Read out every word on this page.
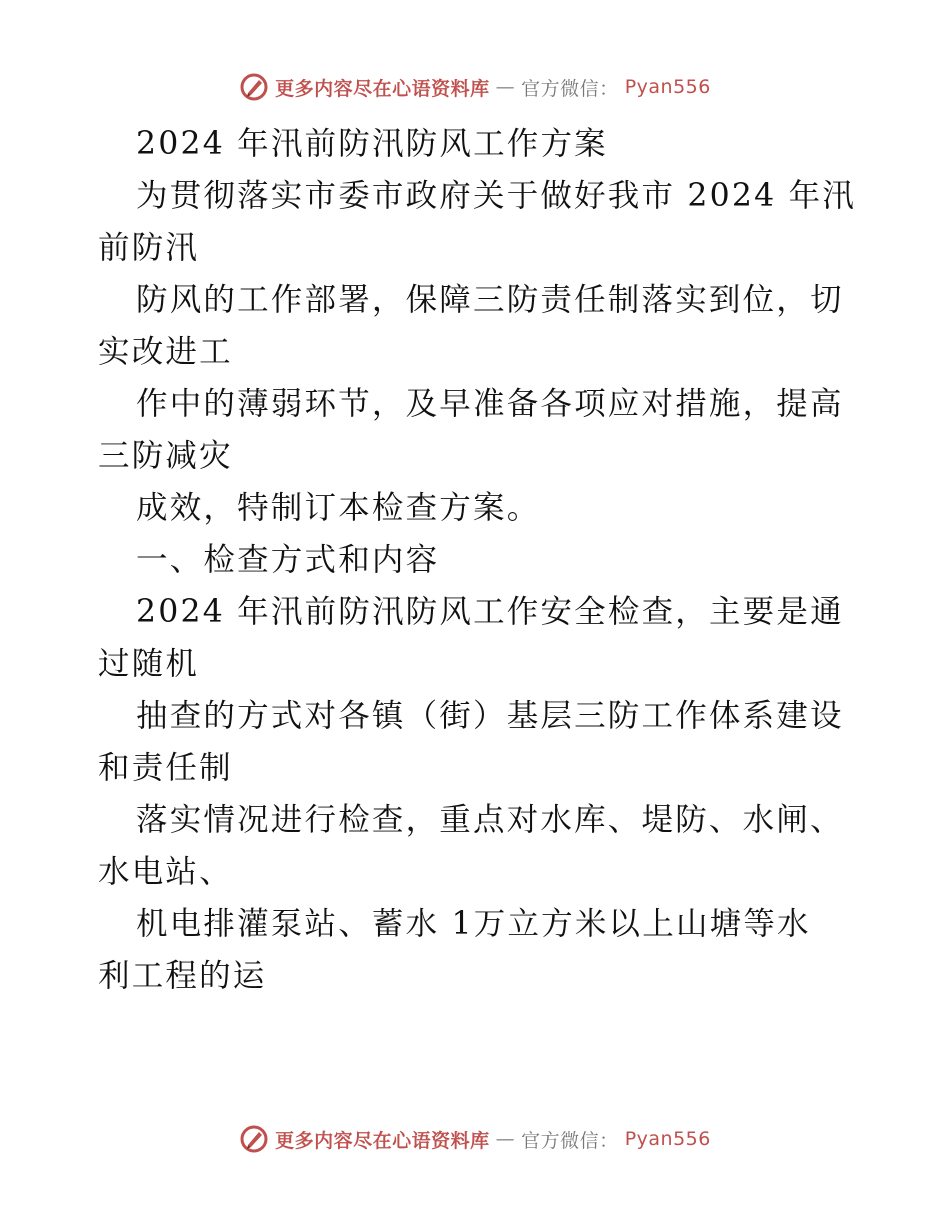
更多内容尽在心语资料库 — 官方微信： Pyan556
2024 年汛前防汛防风工作方案
为贯彻落实市委市政府关于做好我市 2024 年汛
前防汛
防风的工作部署，保障三防责任制落实到位，切
实改进工
作中的薄弱环节，及早准备各项应对措施，提高
三防减灾
成效，特制订本检查方案。
一、检查方式和内容
2024 年汛前防汛防风工作安全检查，主要是通
过随机
抽查的方式对各镇（街）基层三防工作体系建设
和责任制
落实情况进行检查，重点对水库、堤防、水闸、
水电站、
机电排灌泵站、蓄水 1万立方米以上山塘等水
利工程的运
更多内容尽在心语资料库 — 官方微信： Pyan556
